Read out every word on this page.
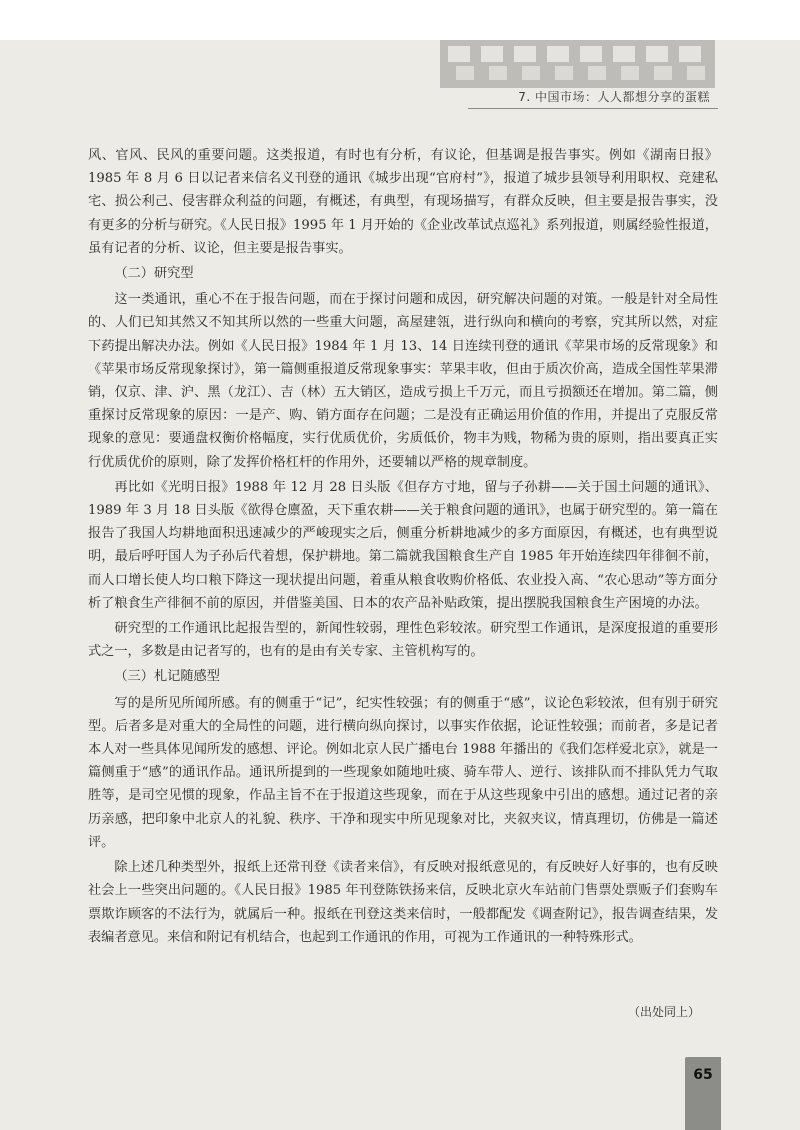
7. 中国市场：人人都想分享的蛋糕

风、官风、民风的重要问题。这类报道，有时也有分析，有议论，但基调是报告事实。例如《湖南日报》1985 年 8 月 6 日以记者来信名义刊登的通讯《城步出现“官府村”》，报道了城步县领导利用职权、竞建私宅、损公利己、侵害群众利益的问题，有概述，有典型，有现场描写，有群众反映，但主要是报告事实，没有更多的分析与研究。《人民日报》1995 年 1 月开始的《企业改革试点巡礼》系列报道，则属经验性报道，虽有记者的分析、议论，但主要是报告事实。

（二）研究型

这一类通讯，重心不在于报告问题，而在于探讨问题和成因，研究解决问题的对策。一般是针对全局性的、人们已知其然又不知其所以然的一些重大问题，高屋建瓴，进行纵向和横向的考察，究其所以然，对症下药提出解决办法。例如《人民日报》1984 年 1 月 13、14 日连续刊登的通讯《苹果市场的反常现象》和《苹果市场反常现象探讨》，第一篇侧重报道反常现象事实：苹果丰收，但由于质次价高，造成全国性苹果滞销，仅京、津、沪、黑（龙江）、吉（林）五大销区，造成亏损上千万元，而且亏损额还在增加。第二篇，侧重探讨反常现象的原因：一是产、购、销方面存在问题；二是没有正确运用价值的作用，并提出了克服反常现象的意见：要通盘权衡价格幅度，实行优质优价，劣质低价，物丰为贱，物稀为贵的原则，指出要真正实行优质优价的原则，除了发挥价格杠杆的作用外，还要辅以严格的规章制度。

再比如《光明日报》1988 年 12 月 28 日头版《但存方寸地，留与子孙耕——关于国土问题的通讯》、1989 年 3 月 18 日头版《欲得仓廪盈，天下重农耕——关于粮食问题的通讯》，也属于研究型的。第一篇在报告了我国人均耕地面积迅速减少的严峻现实之后，侧重分析耕地减少的多方面原因，有概述，也有典型说明，最后呼吁国人为子孙后代着想，保护耕地。第二篇就我国粮食生产自 1985 年开始连续四年徘徊不前，而人口增长使人均口粮下降这一现状提出问题，着重从粮食收购价格低、农业投入高、“农心思动”等方面分析了粮食生产徘徊不前的原因，并借鉴美国、日本的农产品补贴政策，提出摆脱我国粮食生产困境的办法。

研究型的工作通讯比起报告型的，新闻性较弱，理性色彩较浓。研究型工作通讯，是深度报道的重要形式之一，多数是由记者写的，也有的是由有关专家、主管机构写的。

（三）札记随感型

写的是所见所闻所感。有的侧重于“记”，纪实性较强；有的侧重于“感”，议论色彩较浓，但有别于研究型。后者多是对重大的全局性的问题，进行横向纵向探讨，以事实作依据，论证性较强；而前者，多是记者本人对一些具体见闻所发的感想、评论。例如北京人民广播电台 1988 年播出的《我们怎样爱北京》，就是一篇侧重于“感”的通讯作品。通讯所提到的一些现象如随地吐痰、骑车带人、逆行、该排队而不排队凭力气取胜等，是司空见惯的现象，作品主旨不在于报道这些现象，而在于从这些现象中引出的感想。通过记者的亲历亲感，把印象中北京人的礼貌、秩序、干净和现实中所见现象对比，夹叙夹议，情真理切，仿佛是一篇述评。

除上述几种类型外，报纸上还常刊登《读者来信》，有反映对报纸意见的，有反映好人好事的，也有反映社会上一些突出问题的。《人民日报》1985 年刊登陈铁扬来信，反映北京火车站前门售票处票贩子们套购车票欺诈顾客的不法行为，就属后一种。报纸在刊登这类来信时，一般都配发《调查附记》，报告调查结果，发表编者意见。来信和附记有机结合，也起到工作通讯的作用，可视为工作通讯的一种特殊形式。

（出处同上）
65
